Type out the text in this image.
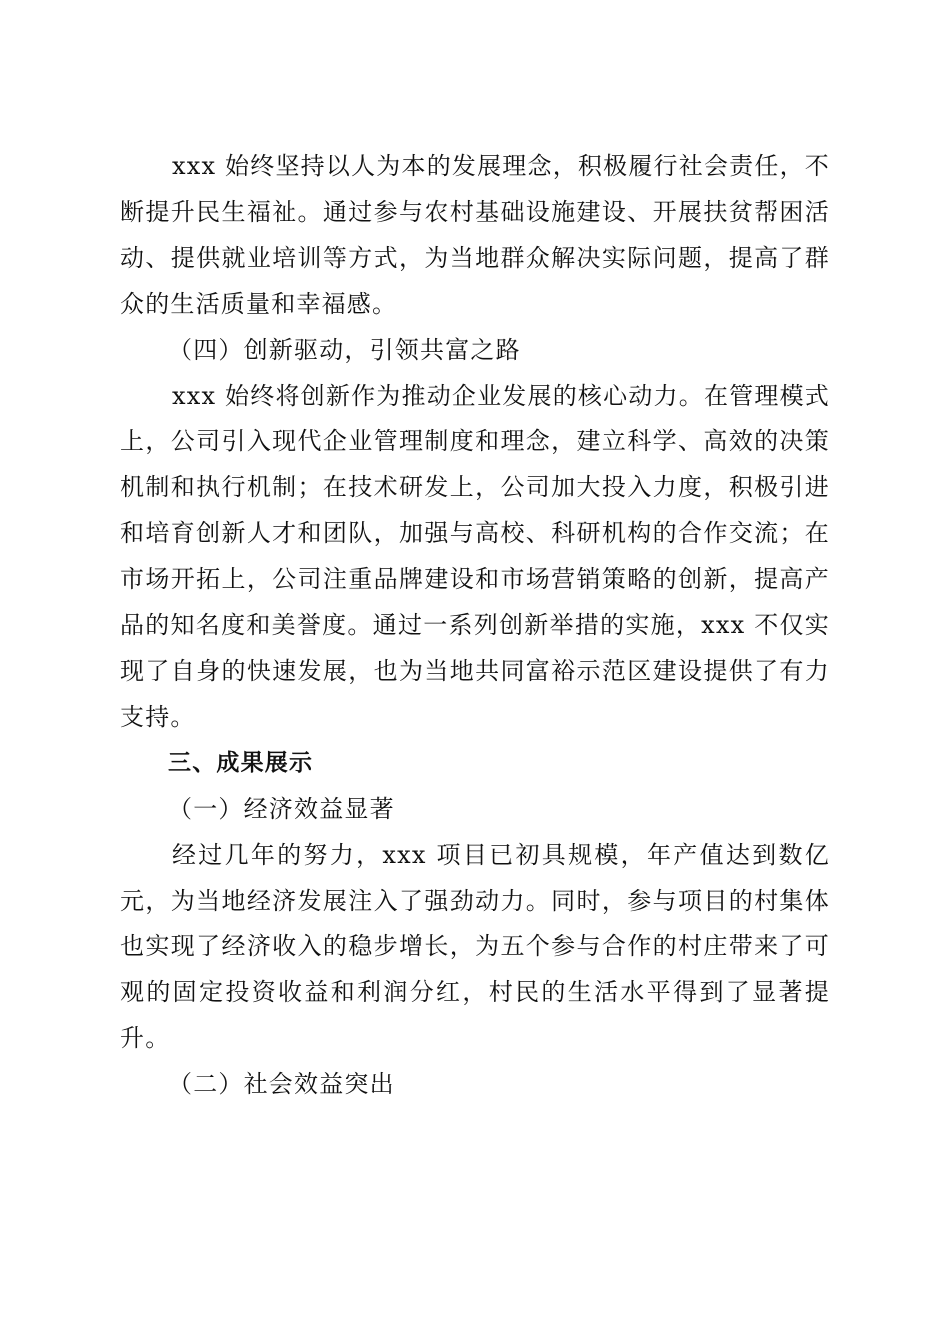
xxx 始终坚持以人为本的发展理念，积极履行社会责任，不断提升民生福祉。通过参与农村基础设施建设、开展扶贫帮困活动、提供就业培训等方式，为当地群众解决实际问题，提高了群众的生活质量和幸福感。

（四）创新驱动，引领共富之路

xxx 始终将创新作为推动企业发展的核心动力。在管理模式上，公司引入现代企业管理制度和理念，建立科学、高效的决策机制和执行机制；在技术研发上，公司加大投入力度，积极引进和培育创新人才和团队，加强与高校、科研机构的合作交流；在市场开拓上，公司注重品牌建设和市场营销策略的创新，提高产品的知名度和美誉度。通过一系列创新举措的实施，xxx 不仅实现了自身的快速发展，也为当地共同富裕示范区建设提供了有力支持。

三、成果展示

（一）经济效益显著

经过几年的努力，xxx 项目已初具规模，年产值达到数亿元，为当地经济发展注入了强劲动力。同时，参与项目的村集体也实现了经济收入的稳步增长，为五个参与合作的村庄带来了可观的固定投资收益和利润分红，村民的生活水平得到了显著提升。

（二）社会效益突出
